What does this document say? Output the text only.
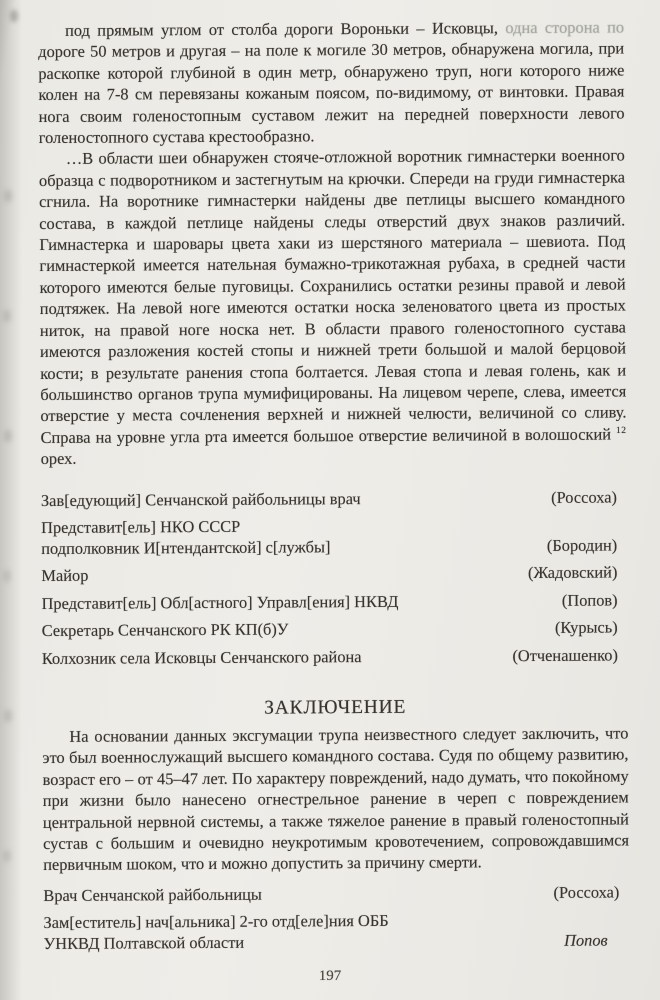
под прямым углом от столба дороги Вороньки – Исковцы, одна сторона по дороге 50 метров и другая – на поле к могиле 30 метров, обнаружена могила, при раскопке которой глубиной в один метр, обнаружено труп, ноги которого ниже колен на 7-8 см перевязаны кожаным поясом, по-видимому, от винтовки. Правая нога своим голеностопным суставом лежит на передней поверхности левого голеностопного сустава крестообразно.

…В области шеи обнаружен стояче-отложной воротник гимнастерки военного образца с подворотником и застегнутым на крючки. Спереди на груди гимнастерка сгнила. На воротнике гимнастерки найдены две петлицы высшего командного состава, в каждой петлице найдены следы отверстий двух знаков различий. Гимнастерка и шаровары цвета хаки из шерстяного материала – шевиота. Под гимнастеркой имеется нательная бумажно-трикотажная рубаха, в средней части которого имеются белые пуговицы. Сохранились остатки резины правой и левой подтяжек. На левой ноге имеются остатки носка зеленоватого цвета из простых ниток, на правой ноге носка нет. В области правого голеностопного сустава имеются разложения костей стопы и нижней трети большой и малой берцовой кости; в результате ранения стопа болтается. Левая стопа и левая голень, как и большинство органов трупа мумифицированы. На лицевом черепе, слева, имеется отверстие у места сочленения верхней и нижней челюсти, величиной со сливу. Справа на уровне угла рта имеется большое отверстие величиной в волошоский $^{12}$ орех.

Зав[едующий] Сенчанской райбольницы врач	(Россоха)
Представит[ель] НКО СССР
подполковник И[нтендантской] с[лужбы]	(Бородин)
Майор	(Жадовский)
Представит[ель] Обл[астного] Управл[ения] НКВД	(Попов)
Секретарь Сенчанского РК КП(б)У	(Курысь)
Колхозник села Исковцы Сенчанского района	(Отченашенко)
ЗАКЛЮЧЕНИЕ

На основании данных эксгумации трупа неизвестного следует заключить, что это был военнослужащий высшего командного состава. Судя по общему развитию, возраст его – от 45–47 лет. По характеру повреждений, надо думать, что покойному при жизни было нанесено огнестрельное ранение в череп с повреждением центральной нервной системы, а также тяжелое ранение в правый голеностопный сустав с большим и очевидно неукротимым кровотечением, сопровождавшимся первичным шоком, что и можно допустить за причину смерти.

Врач Сенчанской райбольницы	(Россоха)
Зам[еститель] нач[альника] 2-го отд[еле]ния ОББ
УНКВД Полтавской области	Попов
197
